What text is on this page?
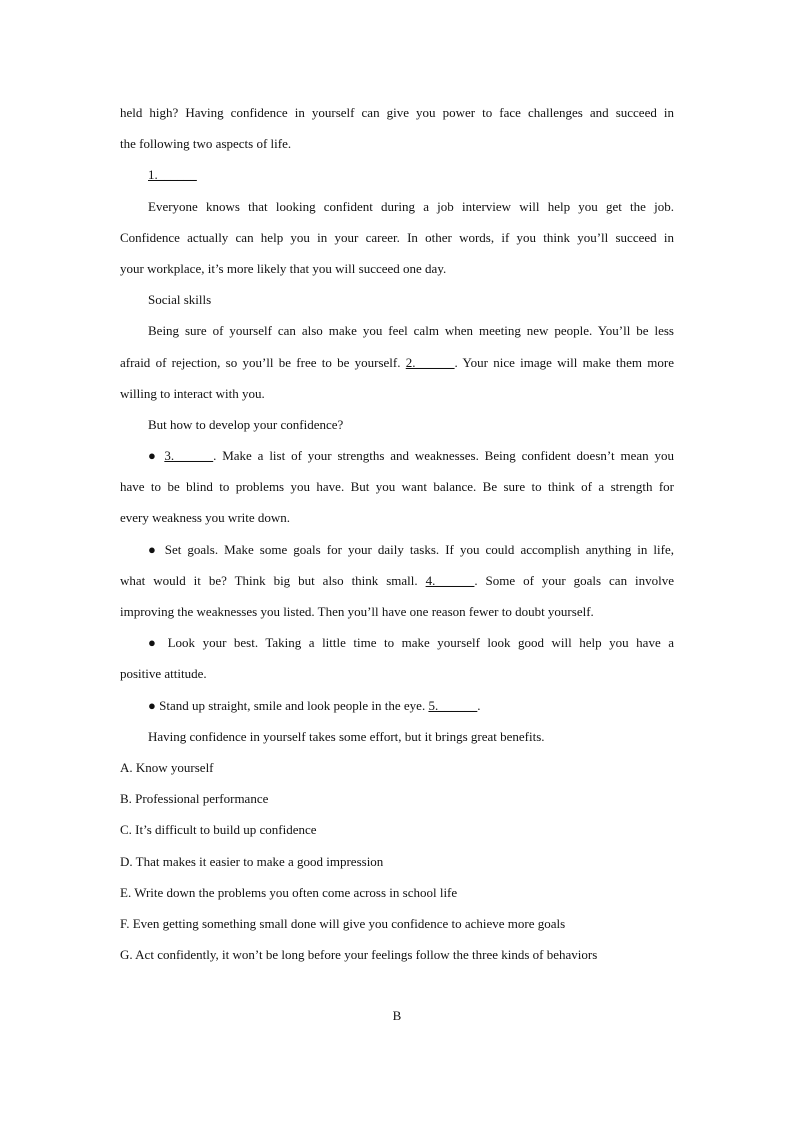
held high? Having confidence in yourself can give you power to face challenges and succeed in
the following two aspects of life.
1.______
Everyone knows that looking confident during a job interview will help you get the job.
Confidence actually can help you in your career. In other words, if you think you’ll succeed in
your workplace, it’s more likely that you will succeed one day.
Social skills
Being sure of yourself can also make you feel calm when meeting new people. You’ll be less
afraid of rejection, so you’ll be free to be yourself. 2.______. Your nice image will make them more
willing to interact with you.
But how to develop your confidence?
● 3.______. Make a list of your strengths and weaknesses. Being confident doesn’t mean you
have to be blind to problems you have. But you want balance. Be sure to think of a strength for
every weakness you write down.
● Set goals. Make some goals for your daily tasks. If you could accomplish anything in life,
what would it be? Think big but also think small. 4.______. Some of your goals can involve
improving the weaknesses you listed. Then you’ll have one reason fewer to doubt yourself.
● Look your best. Taking a little time to make yourself look good will help you have a
positive attitude.
● Stand up straight, smile and look people in the eye. 5.______.
Having confidence in yourself takes some effort, but it brings great benefits.
A. Know yourself
B. Professional performance
C. It’s difficult to build up confidence
D. That makes it easier to make a good impression
E. Write down the problems you often come across in school life
F. Even getting something small done will give you confidence to achieve more goals
G. Act confidently, it won’t be long before your feelings follow the three kinds of behaviors
B
